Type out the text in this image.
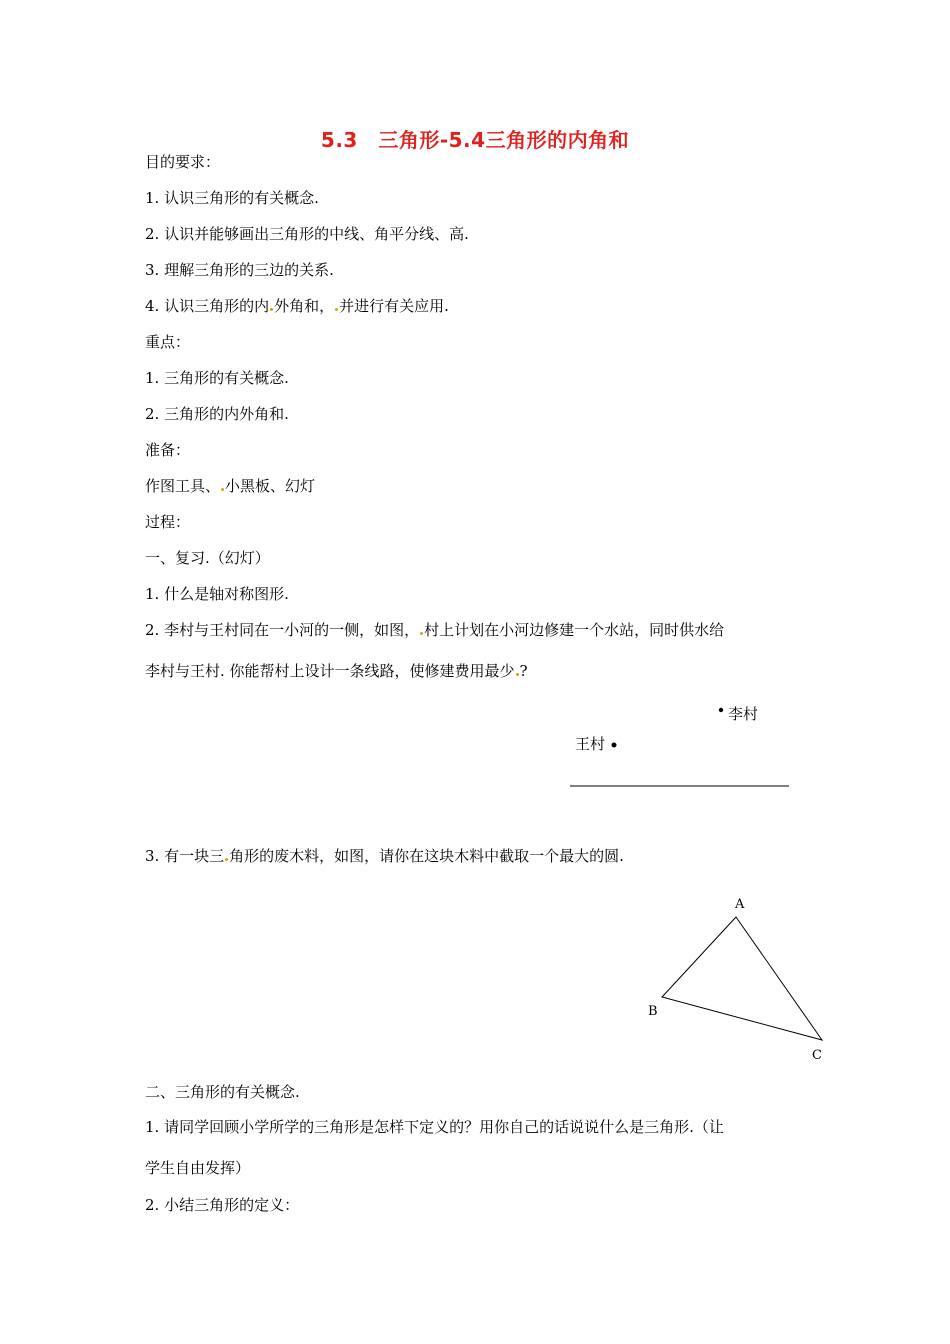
5.3　三角形-5.4三角形的内角和
目的要求：
1. 认识三角形的有关概念.
2. 认识并能够画出三角形的中线、角平分线、高.
3. 理解三角形的三边的关系.
4. 认识三角形的内 外角和， 并进行有关应用.
重点：
1. 三角形的有关概念.
2. 三角形的内外角和.
准备：
作图工具、 小黑板、幻灯
过程：
一、复习.（幻灯）
1. 什么是轴对称图形.
2. 李村与王村同在一小河的一侧，如图， 村上计划在小河边修建一个水站，同时供水给
李村与王村. 你能帮村上设计一条线路，使修建费用最少 ?
李村
王村
3. 有一块三 角形的废木料，如图，请你在这块木料中截取一个最大的圆.
A
B
C
二、三角形的有关概念.
1. 请同学回顾小学所学的三角形是怎样下定义的？用你自己的话说说什么是三角形.（让
学生自由发挥）
2. 小结三角形的定义：
